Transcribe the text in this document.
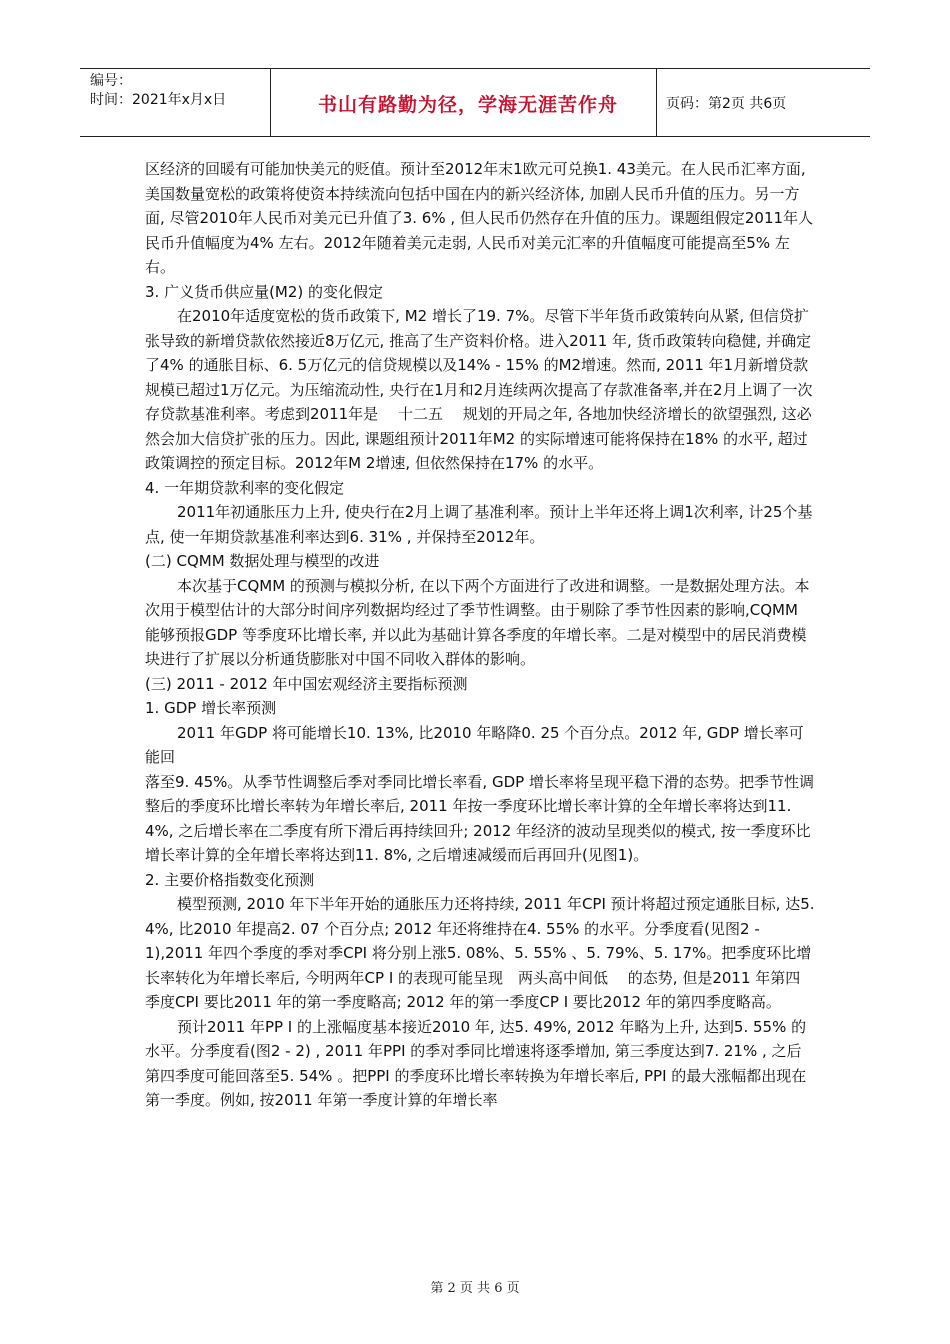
编号：
时间：2021年x月x日	书山有路勤为径，学海无涯苦作舟	页码：第2页 共6页

区经济的回暖有可能加快美元的贬值。预计至2012年末1欧元可兑换1. 43美元。在人民币汇率方面, 美国数量宽松的政策将使资本持续流向包括中国在内的新兴经济体, 加剧人民币升值的压力。另一方面, 尽管2010年人民币对美元已升值了3. 6% , 但人民币仍然存在升值的压力。课题组假定2011年人民币升值幅度为4% 左右。2012年随着美元走弱, 人民币对美元汇率的升值幅度可能提高至5% 左右。

3. 广义货币供应量(M2) 的变化假定

在2010年适度宽松的货币政策下, M2 增长了19. 7%。尽管下半年货币政策转向从紧, 但信贷扩张导致的新增贷款依然接近8万亿元, 推高了生产资料价格。进入2011 年, 货币政策转向稳健, 并确定了4% 的通胀目标、6. 5万亿元的信贷规模以及14% - 15% 的M2增速。然而, 2011 年1月新增贷款规模已超过1万亿元。为压缩流动性, 央行在1月和2月连续两次提高了存款准备率,并在2月上调了一次存贷款基准利率。考虑到2011年是　 十二五　 规划的开局之年, 各地加快经济增长的欲望强烈, 这必然会加大信贷扩张的压力。因此, 课题组预计2011年M2 的实际增速可能将保持在18% 的水平, 超过政策调控的预定目标。2012年M 2增速, 但依然保持在17% 的水平。

4. 一年期贷款利率的变化假定

2011年初通胀压力上升, 使央行在2月上调了基准利率。预计上半年还将上调1次利率, 计25个基点, 使一年期贷款基准利率达到6. 31% , 并保持至2012年。

(二) CQMM 数据处理与模型的改进

本次基于CQMM 的预测与模拟分析, 在以下两个方面进行了改进和调整。一是数据处理方法。本次用于模型估计的大部分时间序列数据均经过了季节性调整。由于剔除了季节性因素的影响,CQMM 能够预报GDP 等季度环比增长率, 并以此为基础计算各季度的年增长率。二是对模型中的居民消费模块进行了扩展以分析通货膨胀对中国不同收入群体的影响。

(三) 2011 - 2012 年中国宏观经济主要指标预测

1. GDP 增长率预测

2011 年GDP 将可能增长10. 13%, 比2010 年略降0. 25 个百分点。2012 年, GDP 增长率可能回

落至9. 45%。从季节性调整后季对季同比增长率看, GDP 增长率将呈现平稳下滑的态势。把季节性调整后的季度环比增长率转为年增长率后, 2011 年按一季度环比增长率计算的全年增长率将达到11. 4%, 之后增长率在二季度有所下滑后再持续回升; 2012 年经济的波动呈现类似的模式, 按一季度环比增长率计算的全年增长率将达到11. 8%, 之后增速减缓而后再回升(见图1)。

2. 主要价格指数变化预测

模型预测, 2010 年下半年开始的通胀压力还将持续, 2011 年CPI 预计将超过预定通胀目标, 达5. 4%, 比2010 年提高2. 07 个百分点; 2012 年还将维持在4. 55% 的水平。分季度看(见图2 - 1),2011 年四个季度的季对季CPI 将分别上涨5. 08%、5. 55% 、5. 79%、5. 17%。把季度环比增长率转化为年增长率后, 今明两年CP I 的表现可能呈现　两头高中间低　 的态势, 但是2011 年第四季度CPI 要比2011 年的第一季度略高; 2012 年的第一季度CP I 要比2012 年的第四季度略高。

预计2011 年PP I 的上涨幅度基本接近2010 年, 达5. 49%, 2012 年略为上升, 达到5. 55% 的水平。分季度看(图2 - 2) , 2011 年PPI 的季对季同比增速将逐季增加, 第三季度达到7. 21% , 之后第四季度可能回落至5. 54% 。把PPI 的季度环比增长率转换为年增长率后, PPI 的最大涨幅都出现在第一季度。例如, 按2011 年第一季度计算的年增长率

第 2 页 共 6 页
